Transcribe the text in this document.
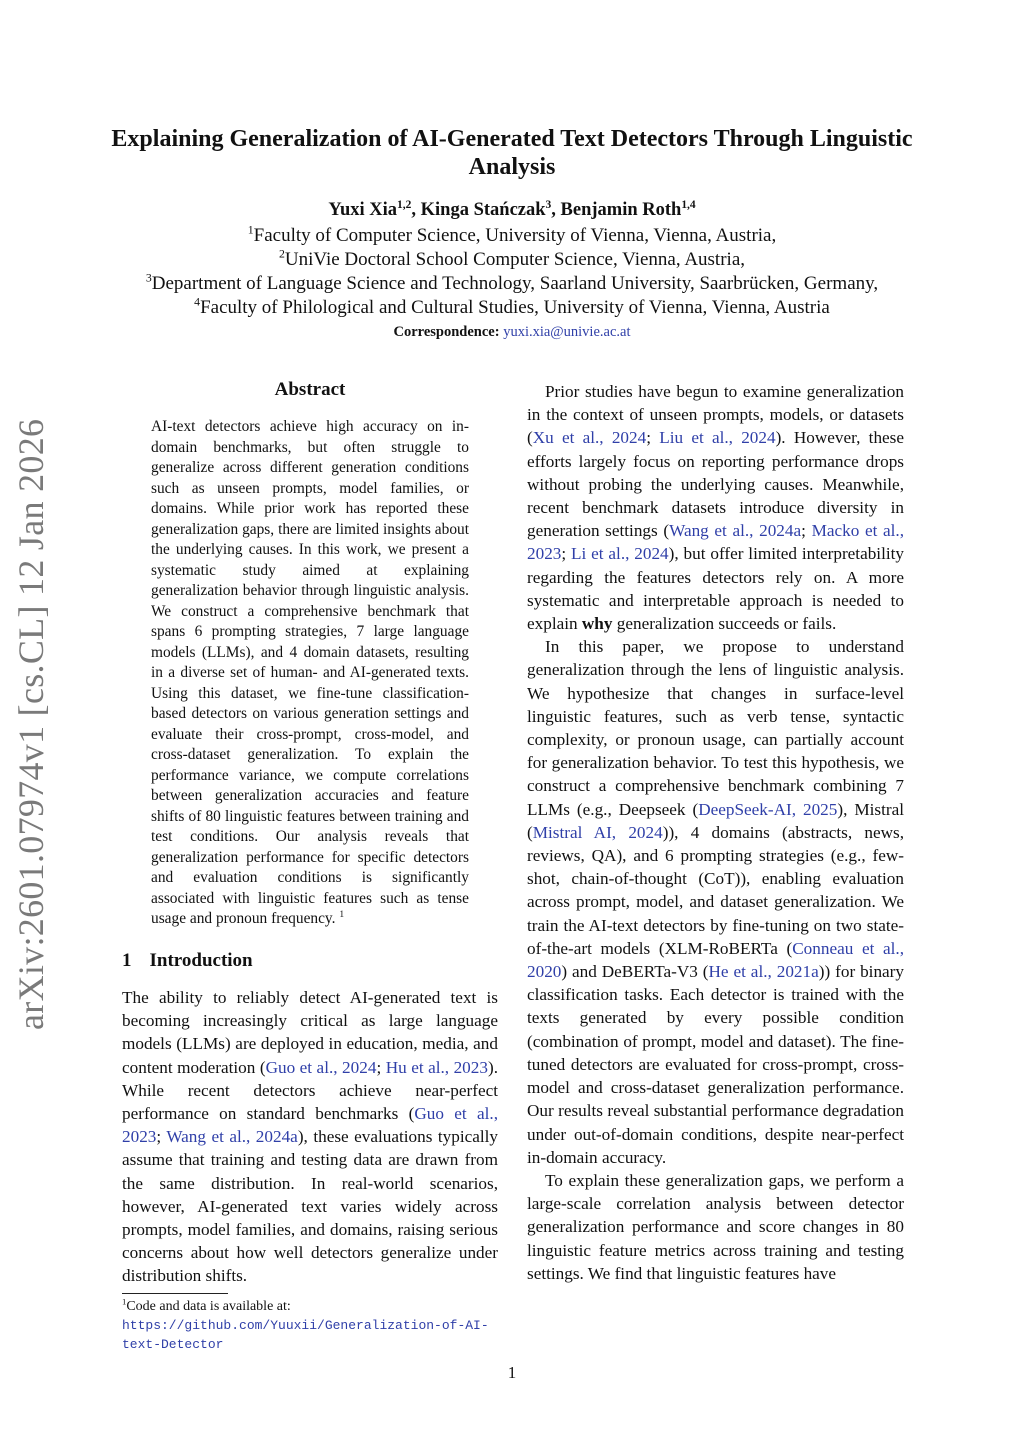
arXiv:2601.07974v1 [cs.CL] 12 Jan 2026
Explaining Generalization of AI-Generated Text Detectors Through Linguistic Analysis
Yuxi Xia$^{1,2}$, Kinga Stańczak$^3$, Benjamin Roth$^{1,4}$
$^1$Faculty of Computer Science, University of Vienna, Vienna, Austria,
$^2$UniVie Doctoral School Computer Science, Vienna, Austria,
$^3$Department of Language Science and Technology, Saarland University, Saarbrücken, Germany,
$^4$Faculty of Philological and Cultural Studies, University of Vienna, Vienna, Austria
Correspondence: yuxi.xia@univie.ac.at
Abstract
AI-text detectors achieve high accuracy on in-domain benchmarks, but often struggle to generalize across different generation conditions such as unseen prompts, model families, or domains. While prior work has reported these generalization gaps, there are limited insights about the underlying causes. In this work, we present a systematic study aimed at explaining generalization behavior through linguistic analysis. We construct a comprehensive benchmark that spans 6 prompting strategies, 7 large language models (LLMs), and 4 domain datasets, resulting in a diverse set of human- and AI-generated texts. Using this dataset, we fine-tune classification-based detectors on various generation settings and evaluate their cross-prompt, cross-model, and cross-dataset generalization. To explain the performance variance, we compute correlations between generalization accuracies and feature shifts of 80 linguistic features between training and test conditions. Our analysis reveals that generalization performance for specific detectors and evaluation conditions is significantly associated with linguistic features such as tense usage and pronoun frequency. $^1$
1 Introduction

The ability to reliably detect AI-generated text is becoming increasingly critical as large language models (LLMs) are deployed in education, media, and content moderation (Guo et al., 2024; Hu et al., 2023). While recent detectors achieve near-perfect performance on standard benchmarks (Guo et al., 2023; Wang et al., 2024a), these evaluations typically assume that training and testing data are drawn from the same distribution. In real-world scenarios, however, AI-generated text varies widely across prompts, model families, and domains, raising serious concerns about how well detectors generalize under distribution shifts.

$^1$Code and data is available at: https://github.com/Yuuxii/Generalization-of-AI-text-Detector

Prior studies have begun to examine generalization in the context of unseen prompts, models, or datasets (Xu et al., 2024; Liu et al., 2024). However, these efforts largely focus on reporting performance drops without probing the underlying causes. Meanwhile, recent benchmark datasets introduce diversity in generation settings (Wang et al., 2024a; Macko et al., 2023; Li et al., 2024), but offer limited interpretability regarding the features detectors rely on. A more systematic and interpretable approach is needed to explain why generalization succeeds or fails.

In this paper, we propose to understand generalization through the lens of linguistic analysis. We hypothesize that changes in surface-level linguistic features, such as verb tense, syntactic complexity, or pronoun usage, can partially account for generalization behavior. To test this hypothesis, we construct a comprehensive benchmark combining 7 LLMs (e.g., Deepseek (DeepSeek-AI, 2025), Mistral (Mistral AI, 2024)), 4 domains (abstracts, news, reviews, QA), and 6 prompting strategies (e.g., few-shot, chain-of-thought (CoT)), enabling evaluation across prompt, model, and dataset generalization. We train the AI-text detectors by fine-tuning on two state-of-the-art models (XLM-RoBERTa (Conneau et al., 2020) and DeBERTa-V3 (He et al., 2021a)) for binary classification tasks. Each detector is trained with the texts generated by every possible condition (combination of prompt, model and dataset). The fine-tuned detectors are evaluated for cross-prompt, cross-model and cross-dataset generalization performance. Our results reveal substantial performance degradation under out-of-domain conditions, despite near-perfect in-domain accuracy.

To explain these generalization gaps, we perform a large-scale correlation analysis between detector generalization performance and score changes in 80 linguistic feature metrics across training and testing settings. We find that linguistic features have

1
